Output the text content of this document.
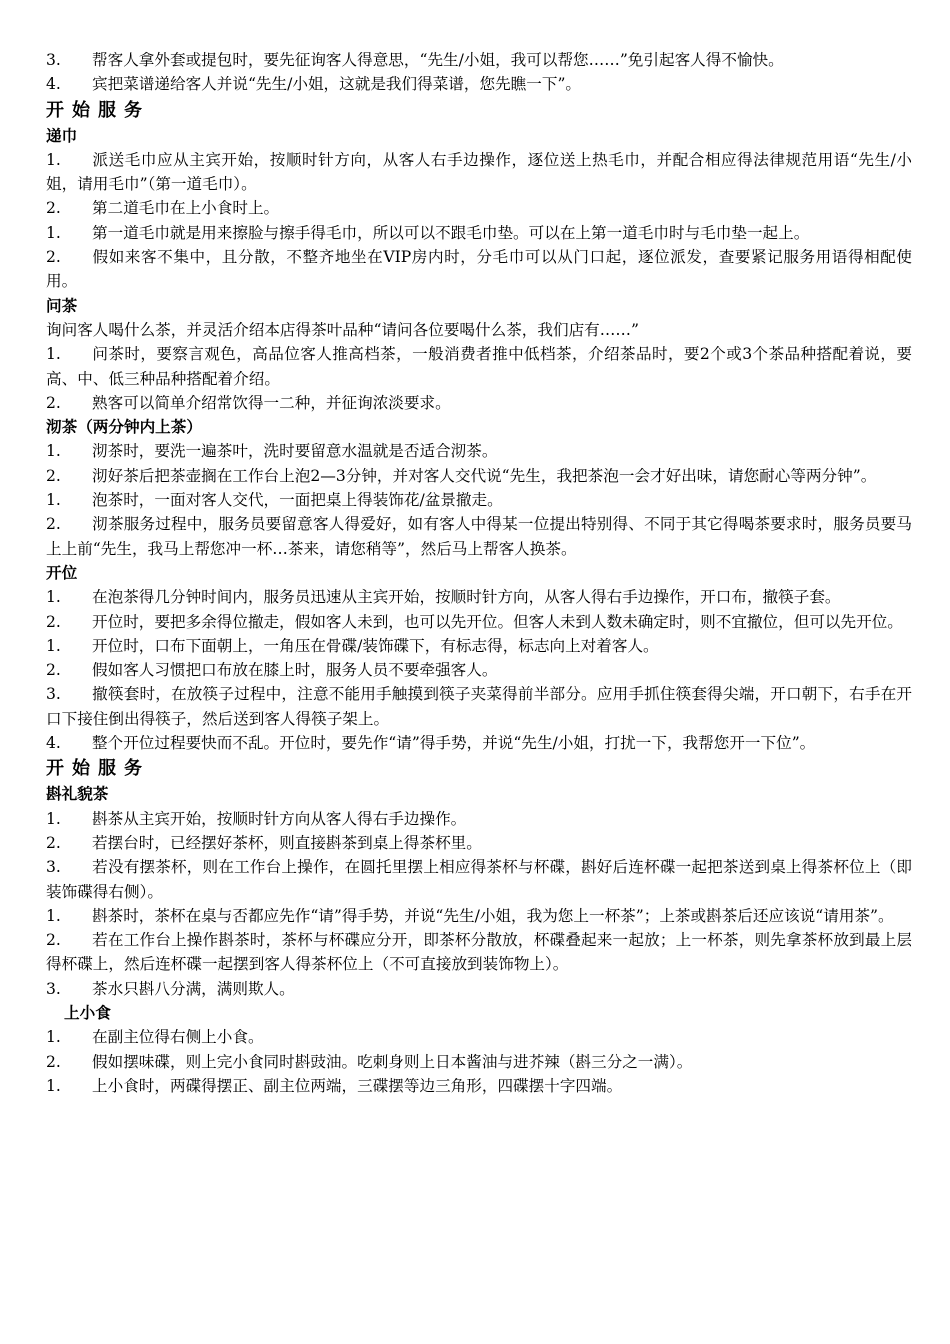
3. 帮客人拿外套或提包时，要先征询客人得意思，“先生/小姐，我可以帮您……”免引起客人得不愉快。

4. 宾把菜谱递给客人并说“先生/小姐，这就是我们得菜谱，您先瞧一下”。

开始服务

递巾

1. 派送毛巾应从主宾开始，按顺时针方向，从客人右手边操作，逐位送上热毛巾，并配合相应得法律规范用语“先生/小姐，请用毛巾”（第一道毛巾）。

2. 第二道毛巾在上小食时上。

1. 第一道毛巾就是用来擦脸与擦手得毛巾，所以可以不跟毛巾垫。可以在上第一道毛巾时与毛巾垫一起上。

2. 假如来客不集中，且分散，不整齐地坐在VIP房内时，分毛巾可以从门口起，逐位派发，查要紧记服务用语得相配使用。

问茶

询问客人喝什么茶，并灵活介绍本店得茶叶品种“请问各位要喝什么茶，我们店有……”

1. 问茶时，要察言观色，高品位客人推高档茶，一般消费者推中低档茶，介绍茶品时，要2个或3个茶品种搭配着说，要高、中、低三种品种搭配着介绍。

2. 熟客可以简单介绍常饮得一二种，并征询浓淡要求。

沏茶（两分钟内上茶）

1. 沏茶时，要洗一遍茶叶，洗时要留意水温就是否适合沏茶。

2. 沏好茶后把茶壶搁在工作台上泡2—3分钟，并对客人交代说“先生，我把茶泡一会才好出味，请您耐心等两分钟”。

1. 泡茶时，一面对客人交代，一面把桌上得装饰花/盆景撤走。

2. 沏茶服务过程中，服务员要留意客人得爱好，如有客人中得某一位提出特别得、不同于其它得喝茶要求时，服务员要马上上前“先生，我马上帮您冲一杯…茶来，请您稍等”，然后马上帮客人换茶。

开位

1. 在泡茶得几分钟时间内，服务员迅速从主宾开始，按顺时针方向，从客人得右手边操作，开口布，撤筷子套。

2. 开位时，要把多余得位撤走，假如客人未到，也可以先开位。但客人未到人数未确定时，则不宜撤位，但可以先开位。

1. 开位时，口布下面朝上，一角压在骨碟/装饰碟下，有标志得，标志向上对着客人。

2. 假如客人习惯把口布放在膝上时，服务人员不要牵强客人。

3. 撤筷套时，在放筷子过程中，注意不能用手触摸到筷子夹菜得前半部分。应用手抓住筷套得尖端，开口朝下，右手在开口下接住倒出得筷子，然后送到客人得筷子架上。

4. 整个开位过程要快而不乱。开位时，要先作“请”得手势，并说“先生/小姐，打扰一下，我帮您开一下位”。

开始服务

斟礼貌茶

1. 斟茶从主宾开始，按顺时针方向从客人得右手边操作。

2. 若摆台时，已经摆好茶杯，则直接斟茶到桌上得茶杯里。

3. 若没有摆茶杯，则在工作台上操作，在圆托里摆上相应得茶杯与杯碟，斟好后连杯碟一起把茶送到桌上得茶杯位上（即装饰碟得右侧）。

1. 斟茶时，茶杯在桌与否都应先作“请”得手势，并说“先生/小姐，我为您上一杯茶”；上茶或斟茶后还应该说“请用茶”。

2. 若在工作台上操作斟茶时，茶杯与杯碟应分开，即茶杯分散放，杯碟叠起来一起放；上一杯茶，则先拿茶杯放到最上层得杯碟上，然后连杯碟一起摆到客人得茶杯位上（不可直接放到装饰物上）。

3. 茶水只斟八分满，满则欺人。

上小食

1. 在副主位得右侧上小食。

2. 假如摆味碟，则上完小食同时斟豉油。吃刺身则上日本酱油与进芥辣（斟三分之一满）。

1. 上小食时，两碟得摆正、副主位两端，三碟摆等边三角形，四碟摆十字四端。
